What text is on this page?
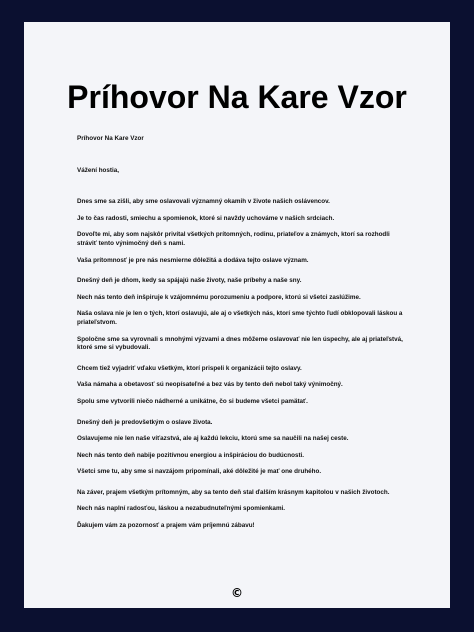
Príhovor Na Kare Vzor

Príhovor Na Kare Vzor

Vážení hostia,

Dnes sme sa zišli, aby sme oslavovali významný okamih v živote našich oslávencov.

Je to čas radosti, smiechu a spomienok, ktoré si navždy uchováme v našich srdciach.

Dovoľte mi, aby som najskôr privítal všetkých prítomných, rodinu, priateľov a známych, ktorí sa rozhodli stráviť tento výnimočný deň s nami.

Vaša prítomnosť je pre nás nesmierne dôležitá a dodáva tejto oslave význam.

Dnešný deň je dňom, kedy sa spájajú naše životy, naše príbehy a naše sny.

Nech nás tento deň inšpiruje k vzájomnému porozumeniu a podpore, ktorú si všetci zaslúžime.

Naša oslava nie je len o tých, ktorí oslavujú, ale aj o všetkých nás, ktorí sme týchto ľudí obklopovali láskou a priateľstvom.

Spoločne sme sa vyrovnali s mnohými výzvami a dnes môžeme oslavovať nie len úspechy, ale aj priateľstvá, ktoré sme si vybudovali.

Chcem tiež vyjadriť vďaku všetkým, ktorí prispeli k organizácii tejto oslavy.

Vaša námaha a obetavosť sú neopísateľné a bez vás by tento deň nebol taký výnimočný.

Spolu sme vytvorili niečo nádherné a unikátne, čo si budeme všetci pamätať.

Dnešný deň je predovšetkým o oslave života.

Oslavujeme nie len naše víťazstvá, ale aj každú lekciu, ktorú sme sa naučili na našej ceste.

Nech nás tento deň nabije pozitívnou energiou a inšpiráciou do budúcnosti.

Všetci sme tu, aby sme si navzájom pripomínali, aké dôležité je mať one druhého.

Na záver, prajem všetkým prítomným, aby sa tento deň stal ďalším krásnym kapitolou v našich životoch.

Nech nás naplní radosťou, láskou a nezabudnuteľnými spomienkami.

Ďakujem vám za pozornosť a prajem vám príjemnú zábavu!

©
